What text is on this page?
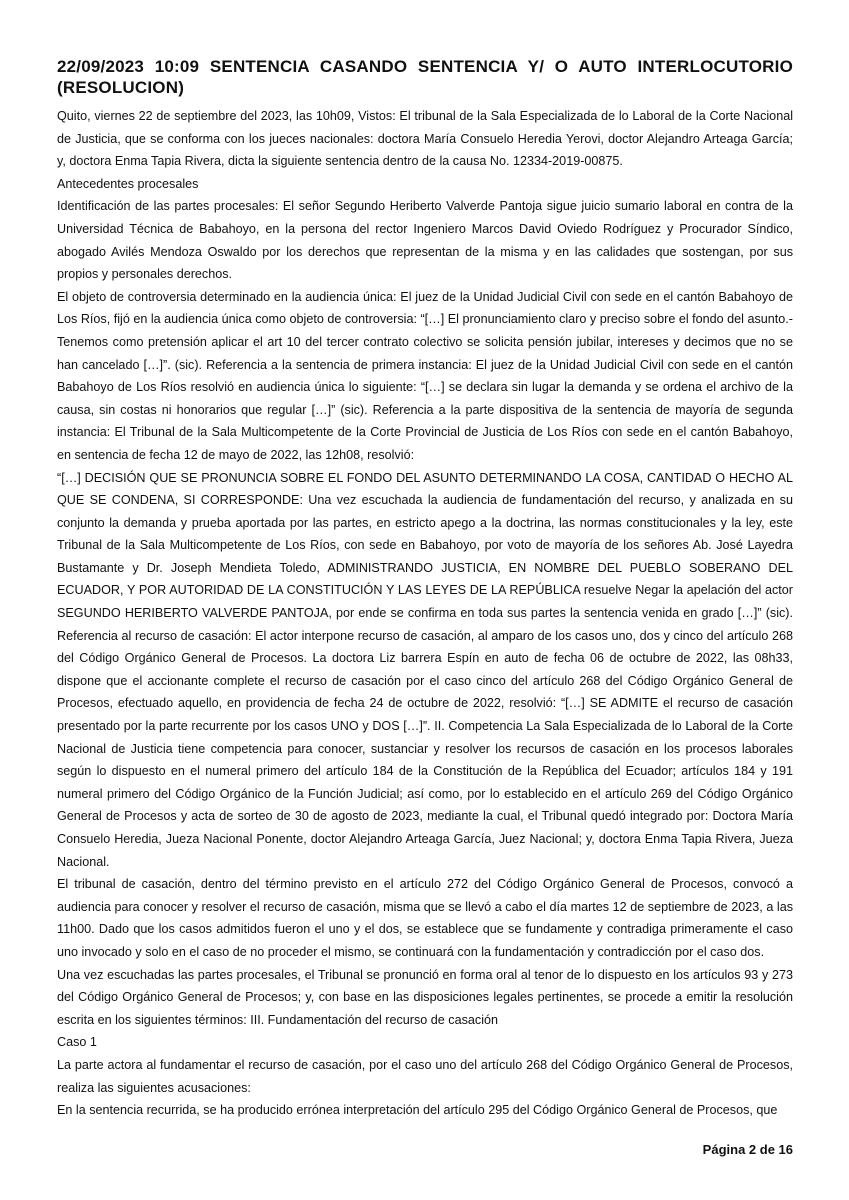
22/09/2023 10:09 SENTENCIA CASANDO SENTENCIA Y/ O AUTO INTERLOCUTORIO (RESOLUCION)

Quito, viernes 22 de septiembre del 2023, las 10h09, Vistos: El tribunal de la Sala Especializada de lo Laboral de la Corte Nacional de Justicia, que se conforma con los jueces nacionales: doctora María Consuelo Heredia Yerovi, doctor Alejandro Arteaga García; y, doctora Enma Tapia Rivera, dicta la siguiente sentencia dentro de la causa No. 12334-2019-00875.

Antecedentes procesales

Identificación de las partes procesales: El señor Segundo Heriberto Valverde Pantoja sigue juicio sumario laboral en contra de la Universidad Técnica de Babahoyo, en la persona del rector Ingeniero Marcos David Oviedo Rodríguez y Procurador Síndico, abogado Avilés Mendoza Oswaldo por los derechos que representan de la misma y en las calidades que sostengan, por sus propios y personales derechos.

El objeto de controversia determinado en la audiencia única: El juez de la Unidad Judicial Civil con sede en el cantón Babahoyo de Los Ríos, fijó en la audiencia única como objeto de controversia: “[…] El pronunciamiento claro y preciso sobre el fondo del asunto.- Tenemos como pretensión aplicar el art 10 del tercer contrato colectivo se solicita pensión jubilar, intereses y decimos que no se han cancelado […]”. (sic). Referencia a la sentencia de primera instancia: El juez de la Unidad Judicial Civil con sede en el cantón Babahoyo de Los Ríos resolvió en audiencia única lo siguiente: “[…] se declara sin lugar la demanda y se ordena el archivo de la causa, sin costas ni honorarios que regular […]” (sic). Referencia a la parte dispositiva de la sentencia de mayoría de segunda instancia: El Tribunal de la Sala Multicompetente de la Corte Provincial de Justicia de Los Ríos con sede en el cantón Babahoyo, en sentencia de fecha 12 de mayo de 2022, las 12h08, resolvió:

“[…] DECISIÓN QUE SE PRONUNCIA SOBRE EL FONDO DEL ASUNTO DETERMINANDO LA COSA, CANTIDAD O HECHO AL QUE SE CONDENA, SI CORRESPONDE: Una vez escuchada la audiencia de fundamentación del recurso, y analizada en su conjunto la demanda y prueba aportada por las partes, en estricto apego a la doctrina, las normas constitucionales y la ley, este Tribunal de la Sala Multicompetente de Los Ríos, con sede en Babahoyo, por voto de mayoría de los señores Ab. José Layedra Bustamante y Dr. Joseph Mendieta Toledo, ADMINISTRANDO JUSTICIA, EN NOMBRE DEL PUEBLO SOBERANO DEL ECUADOR, Y POR AUTORIDAD DE LA CONSTITUCIÓN Y LAS LEYES DE LA REPÚBLICA resuelve Negar la apelación del actor SEGUNDO HERIBERTO VALVERDE PANTOJA, por ende se confirma en toda sus partes la sentencia venida en grado […]” (sic). Referencia al recurso de casación: El actor interpone recurso de casación, al amparo de los casos uno, dos y cinco del artículo 268 del Código Orgánico General de Procesos. La doctora Liz barrera Espín en auto de fecha 06 de octubre de 2022, las 08h33, dispone que el accionante complete el recurso de casación por el caso cinco del artículo 268 del Código Orgánico General de Procesos, efectuado aquello, en providencia de fecha 24 de octubre de 2022, resolvió: “[…] SE ADMITE el recurso de casación presentado por la parte recurrente por los casos UNO y DOS […]”. II. Competencia La Sala Especializada de lo Laboral de la Corte Nacional de Justicia tiene competencia para conocer, sustanciar y resolver los recursos de casación en los procesos laborales según lo dispuesto en el numeral primero del artículo 184 de la Constitución de la República del Ecuador; artículos 184 y 191 numeral primero del Código Orgánico de la Función Judicial; así como, por lo establecido en el artículo 269 del Código Orgánico General de Procesos y acta de sorteo de 30 de agosto de 2023, mediante la cual, el Tribunal quedó integrado por: Doctora María Consuelo Heredia, Jueza Nacional Ponente, doctor Alejandro Arteaga García, Juez Nacional; y, doctora Enma Tapia Rivera, Jueza Nacional.

El tribunal de casación, dentro del término previsto en el artículo 272 del Código Orgánico General de Procesos, convocó a audiencia para conocer y resolver el recurso de casación, misma que se llevó a cabo el día martes 12 de septiembre de 2023, a las 11h00. Dado que los casos admitidos fueron el uno y el dos, se establece que se fundamente y contradiga primeramente el caso uno invocado y solo en el caso de no proceder el mismo, se continuará con la fundamentación y contradicción por el caso dos.

Una vez escuchadas las partes procesales, el Tribunal se pronunció en forma oral al tenor de lo dispuesto en los artículos 93 y 273 del Código Orgánico General de Procesos; y, con base en las disposiciones legales pertinentes, se procede a emitir la resolución escrita en los siguientes términos: III. Fundamentación del recurso de casación

Caso 1

La parte actora al fundamentar el recurso de casación, por el caso uno del artículo 268 del Código Orgánico General de Procesos, realiza las siguientes acusaciones:

En la sentencia recurrida, se ha producido errónea interpretación del artículo 295 del Código Orgánico General de Procesos, que

Página 2 de 16
